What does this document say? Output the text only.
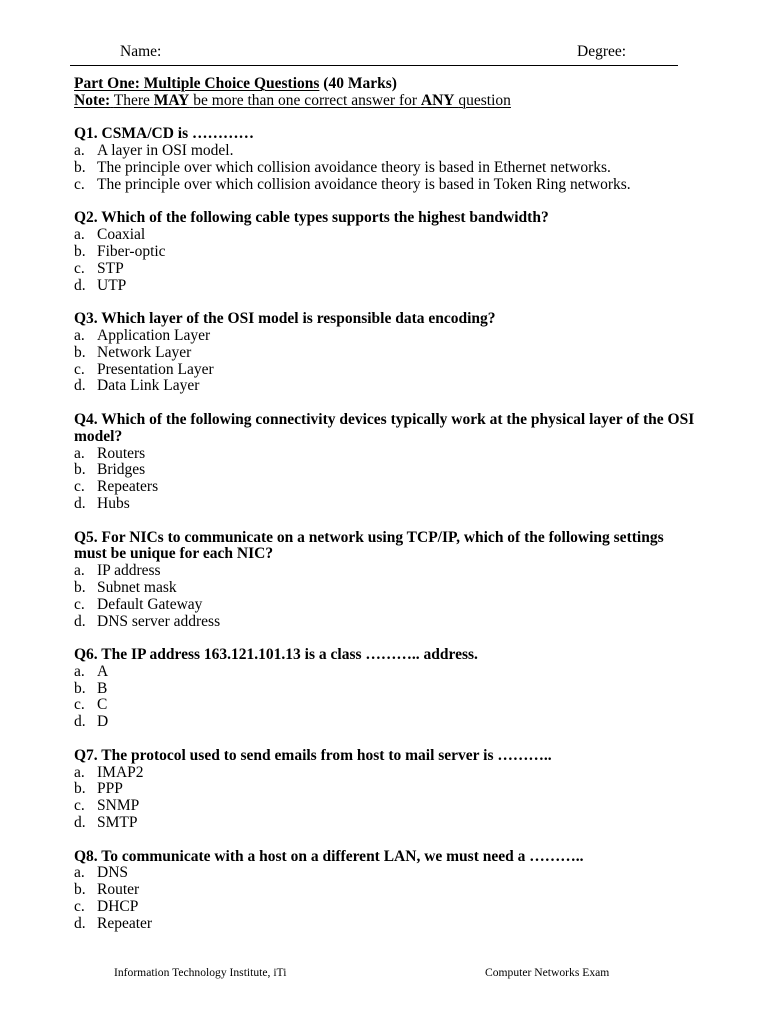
Name:	Degree:
Part One: Multiple Choice Questions (40 Marks)
Note: There MAY be more than one correct answer for ANY question
Q1. CSMA/CD is …………
a. A layer in OSI model.
b. The principle over which collision avoidance theory is based in Ethernet networks.
c. The principle over which collision avoidance theory is based in Token Ring networks.
Q2. Which of the following cable types supports the highest bandwidth?
a. Coaxial
b. Fiber-optic
c. STP
d. UTP
Q3. Which layer of the OSI model is responsible data encoding?
a. Application Layer
b. Network Layer
c. Presentation Layer
d. Data Link Layer
Q4. Which of the following connectivity devices typically work at the physical layer of the OSI
model?
a. Routers
b. Bridges
c. Repeaters
d. Hubs
Q5. For NICs to communicate on a network using TCP/IP, which of the following settings
must be unique for each NIC?
a. IP address
b. Subnet mask
c. Default Gateway
d. DNS server address
Q6. The IP address 163.121.101.13 is a class ……….. address.
a. A
b. B
c. C
d. D
Q7. The protocol used to send emails from host to mail server is ………..
a. IMAP2
b. PPP
c. SNMP
d. SMTP
Q8. To communicate with a host on a different LAN, we must need a ………..
a. DNS
b. Router
c. DHCP
d. Repeater
Information Technology Institute, iTi	Computer Networks Exam
